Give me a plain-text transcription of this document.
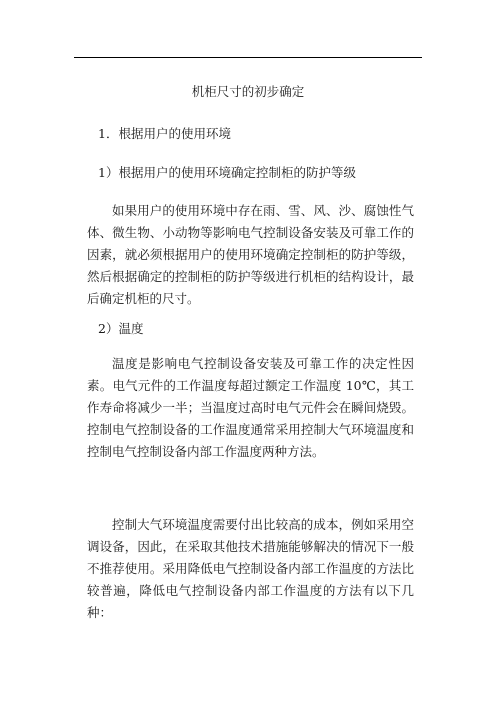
机柜尺寸的初步确定
1．根据用户的使用环境
1）根据用户的使用环境确定控制柜的防护等级
如果用户的使用环境中存在雨、雪、风、沙、腐蚀性气体、微生物、小动物等影响电气控制设备安装及可靠工作的因素，就必须根据用户的使用环境确定控制柜的防护等级，然后根据确定的控制柜的防护等级进行机柜的结构设计，最后确定机柜的尺寸。
2）温度
温度是影响电气控制设备安装及可靠工作的决定性因素。电气元件的工作温度每超过额定工作温度 10℃，其工作寿命将减少一半；当温度过高时电气元件会在瞬间烧毁。控制电气控制设备的工作温度通常采用控制大气环境温度和控制电气控制设备内部工作温度两种方法。
控制大气环境温度需要付出比较高的成本，例如采用空调设备，因此，在采取其他技术措施能够解决的情况下一般不推荐使用。采用降低电气控制设备内部工作温度的方法比较普遍，降低电气控制设备内部工作温度的方法有以下几种：
